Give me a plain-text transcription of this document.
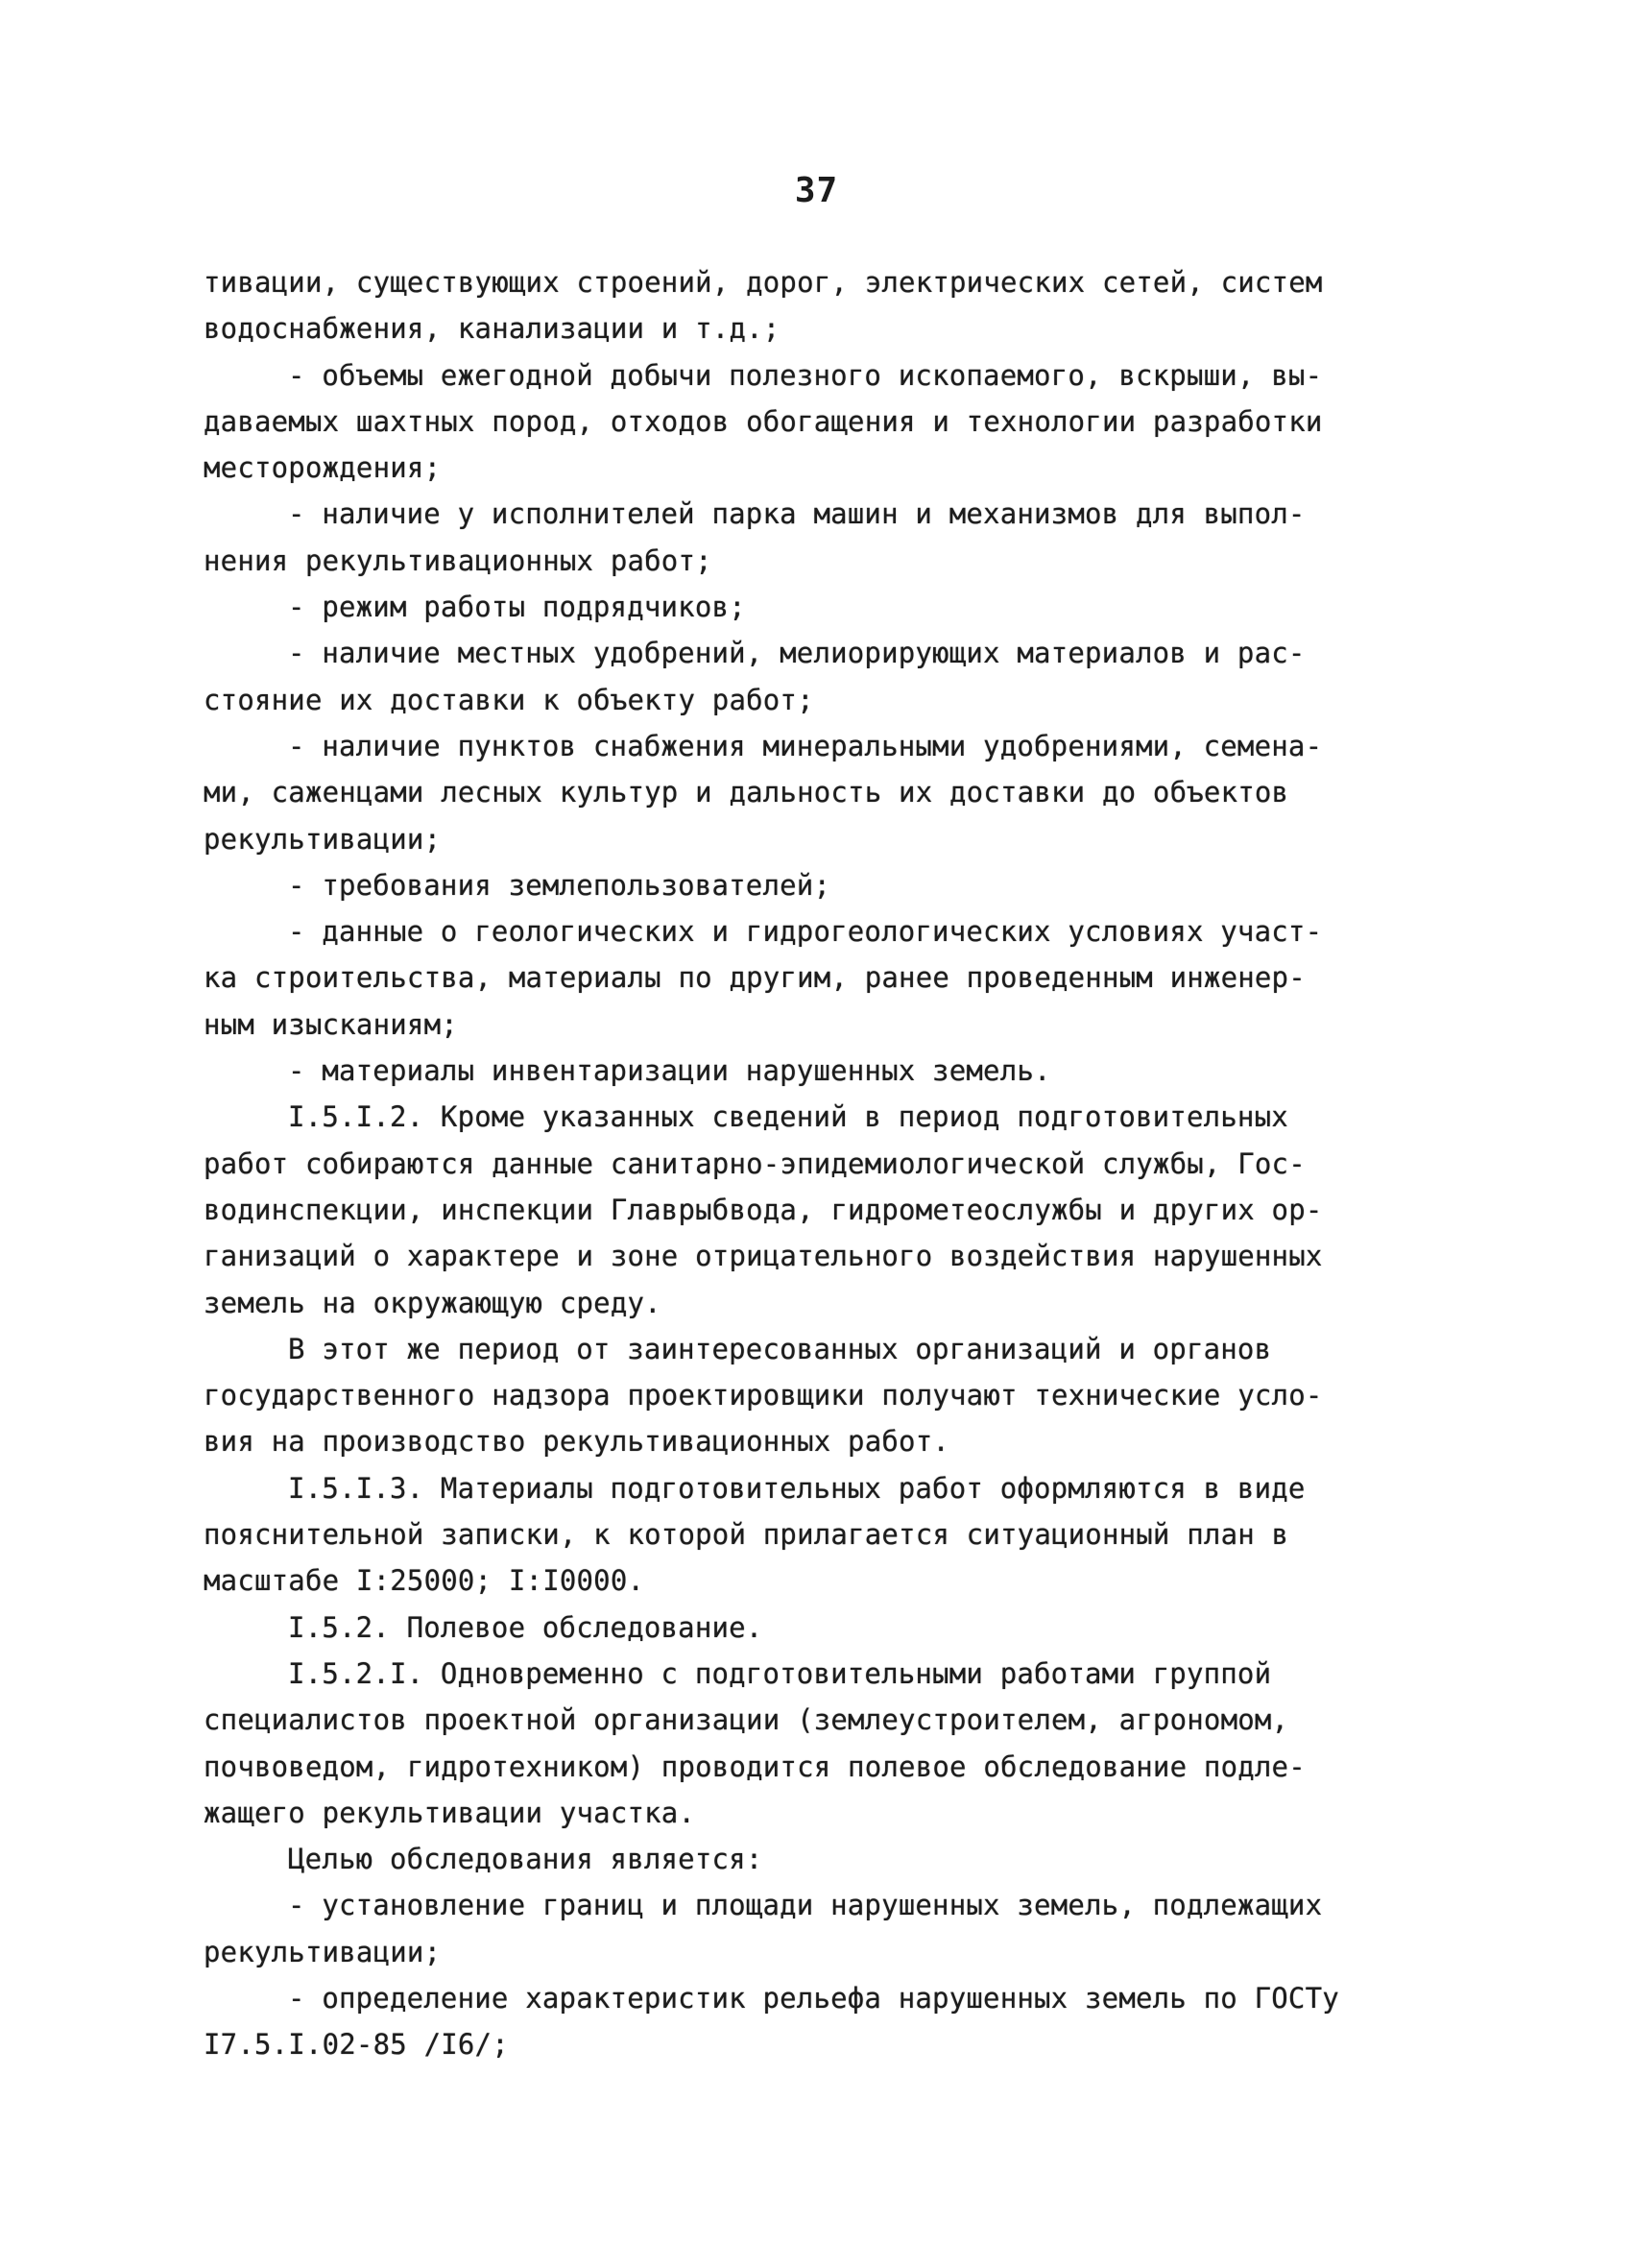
37
тивации, существующих строений, дорог, электрических сетей, систем
водоснабжения, канализации и т.д.;
- объемы ежегодной добычи полезного ископаемого, вскрыши, вы-
даваемых шахтных пород, отходов обогащения и технологии разработки
месторождения;
- наличие у исполнителей парка машин и механизмов для выпол-
нения рекультивационных работ;
- режим работы подрядчиков;
- наличие местных удобрений, мелиорирующих материалов и рас-
стояние их доставки к объекту работ;
- наличие пунктов снабжения минеральными удобрениями, семена-
ми, саженцами лесных культур и дальность их доставки до объектов
рекультивации;
- требования землепользователей;
- данные о геологических и гидрогеологических условиях участ-
ка строительства, материалы по другим, ранее проведенным инженер-
ным изысканиям;
- материалы инвентаризации нарушенных земель.
I.5.I.2. Кроме указанных сведений в период подготовительных
работ собираются данные санитарно-эпидемиологической службы, Гос-
водинспекции, инспекции Главрыбвода, гидрометеослужбы и других ор-
ганизаций о характере и зоне отрицательного воздействия нарушенных
земель на окружающую среду.
В этот же период от заинтересованных организаций и органов
государственного надзора проектировщики получают технические усло-
вия на производство рекультивационных работ.
I.5.I.3. Материалы подготовительных работ оформляются в виде
пояснительной записки, к которой прилагается ситуационный план в
масштабе I:25000; I:I0000.
I.5.2. Полевое обследование.
I.5.2.I. Одновременно с подготовительными работами группой
специалистов проектной организации (землеустроителем, агрономом,
почвоведом, гидротехником) проводится полевое обследование подле-
жащего рекультивации участка.
Целью обследования является:
- установление границ и площади нарушенных земель, подлежащих
рекультивации;
- определение характеристик рельефа нарушенных земель по ГОСТу
I7.5.I.02-85 /I6/;
